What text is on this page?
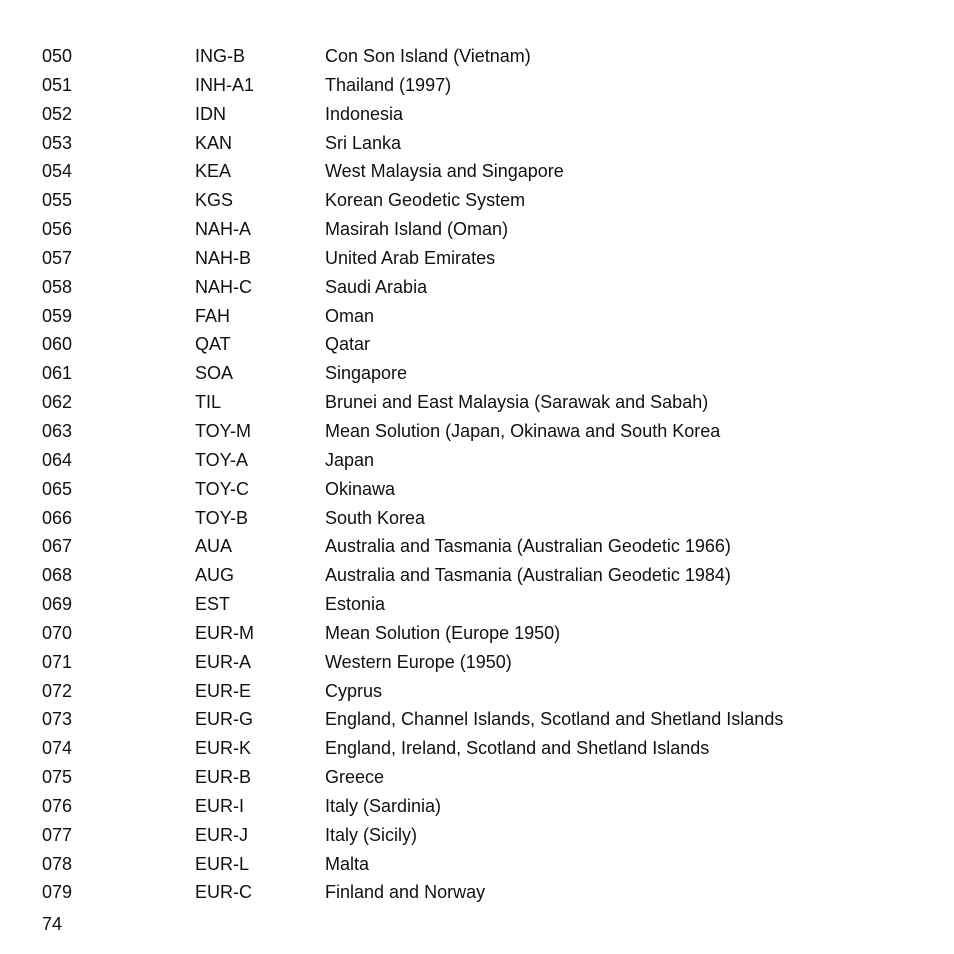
050	ING-B	Con Son Island (Vietnam)
051	INH-A1	Thailand (1997)
052	IDN	Indonesia
053	KAN	Sri Lanka
054	KEA	West Malaysia and Singapore
055	KGS	Korean Geodetic System
056	NAH-A	Masirah Island (Oman)
057	NAH-B	United Arab Emirates
058	NAH-C	Saudi Arabia
059	FAH	Oman
060	QAT	Qatar
061	SOA	Singapore
062	TIL	Brunei and East Malaysia (Sarawak and Sabah)
063	TOY-M	Mean Solution (Japan, Okinawa and South Korea
064	TOY-A	Japan
065	TOY-C	Okinawa
066	TOY-B	South Korea
067	AUA	Australia and Tasmania (Australian Geodetic 1966)
068	AUG	Australia and Tasmania (Australian Geodetic 1984)
069	EST	Estonia
070	EUR-M	Mean Solution (Europe 1950)
071	EUR-A	Western Europe (1950)
072	EUR-E	Cyprus
073	EUR-G	England, Channel Islands, Scotland and Shetland Islands
074	EUR-K	England, Ireland, Scotland and Shetland Islands
075	EUR-B	Greece
076	EUR-I	Italy (Sardinia)
077	EUR-J	Italy (Sicily)
078	EUR-L	Malta
079	EUR-C	Finland and Norway
74
